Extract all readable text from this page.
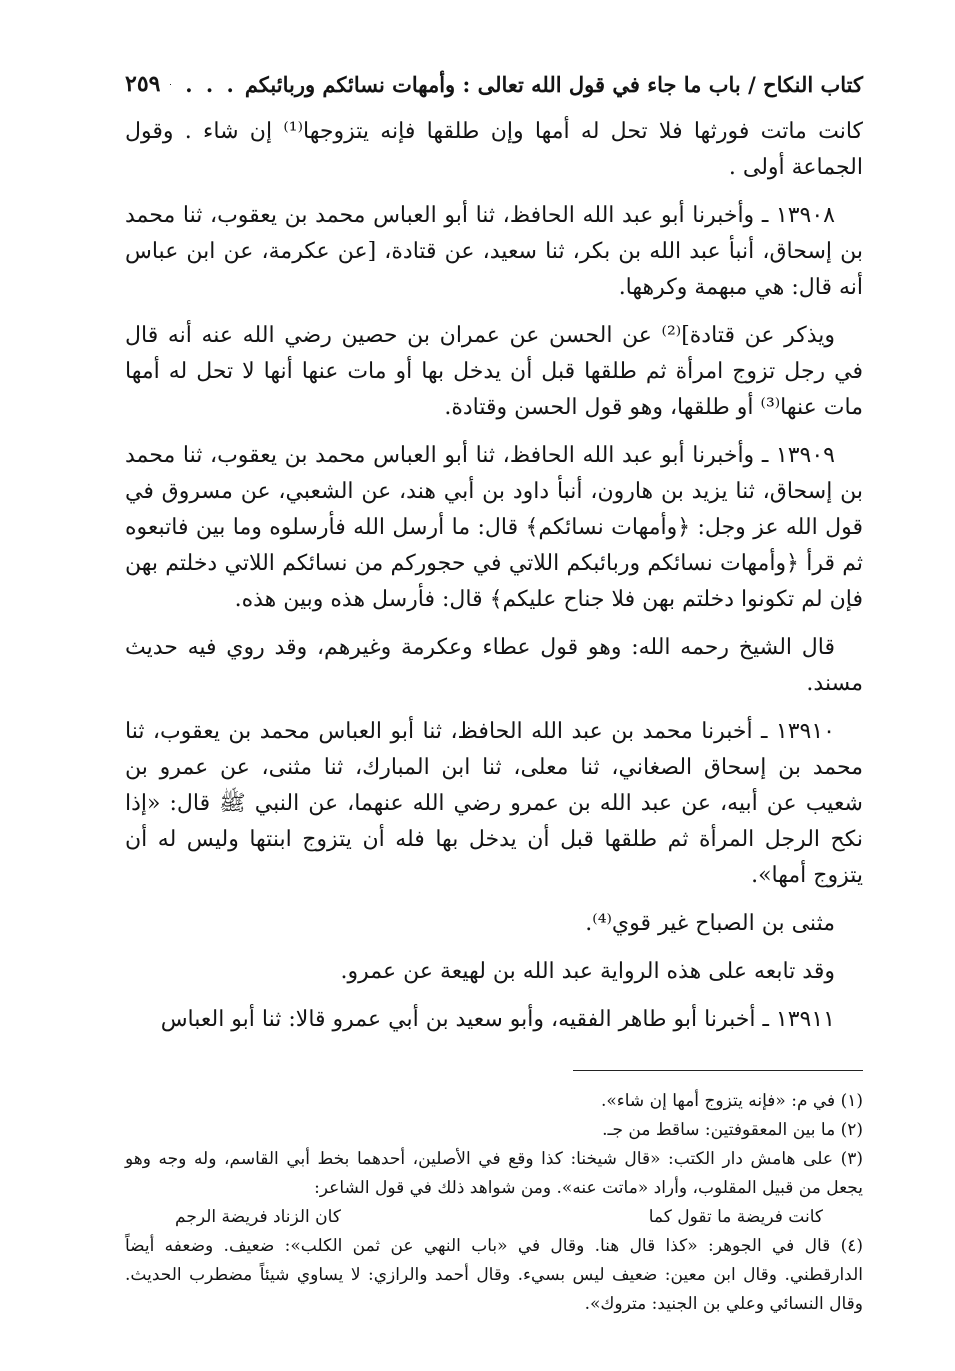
كتاب النكاح / باب ما جاء في قول الله تعالى : وأمهات نسائكم وربائبكم
. . .
٢٥٩

كانت ماتت فورثها فلا تحل له أمها وإن طلقها فإنه يتزوجها⁽¹⁾ إن شاء . وقول الجماعة أولى .

١٣٩٠٨ ـ وأخبرنا أبو عبد الله الحافظ، ثنا أبو العباس محمد بن يعقوب، ثنا محمد بن إسحاق، أنبأ عبد الله بن بكر، ثنا سعيد، عن قتادة، [عن عكرمة، عن ابن عباس أنه قال: هي مبهمة وكرهها.

ويذكر عن قتادة]⁽²⁾ عن الحسن عن عمران بن حصين رضي الله عنه أنه قال في رجل تزوج امرأة ثم طلقها قبل أن يدخل بها أو مات عنها أنها لا تحل له أمها مات عنها⁽³⁾ أو طلقها، وهو قول الحسن وقتادة.

١٣٩٠٩ ـ وأخبرنا أبو عبد الله الحافظ، ثنا أبو العباس محمد بن يعقوب، ثنا محمد بن إسحاق، ثنا يزيد بن هارون، أنبأ داود بن أبي هند، عن الشعبي، عن مسروق في قول الله عز وجل: ﴿وأمهات نسائكم﴾ قال: ما أرسل الله فأرسلوه وما بين فاتبعوه ثم قرأ ﴿وأمهات نسائكم وربائبكم اللاتي في حجوركم من نسائكم اللاتي دخلتم بهن فإن لم تكونوا دخلتم بهن فلا جناح عليكم﴾ قال: فأرسل هذه وبين هذه.

قال الشيخ رحمه الله: وهو قول عطاء وعكرمة وغيرهم، وقد روي فيه حديث مسند.

١٣٩١٠ ـ أخبرنا محمد بن عبد الله الحافظ، ثنا أبو العباس محمد بن يعقوب، ثنا محمد بن إسحاق الصغاني، ثنا معلى، ثنا ابن المبارك، ثنا مثنى، عن عمرو بن شعيب عن أبيه، عن عبد الله بن عمرو رضي الله عنهما، عن النبي ﷺ قال: «إذا نكح الرجل المرأة ثم طلقها قبل أن يدخل بها فله أن يتزوج ابنتها وليس له أن يتزوج أمها».

مثنى بن الصباح غير قوي⁽⁴⁾.

وقد تابعه على هذه الرواية عبد الله بن لهيعة عن عمرو.

١٣٩١١ ـ أخبرنا أبو طاهر الفقيه، وأبو سعيد بن أبي عمرو قالا: ثنا أبو العباس

(١) في م: «فإنه يتزوج أمها إن شاء».

(٢) ما بين المعقوفتين: ساقط من جـ.

(٣) على هامش دار الكتب: «قال شيخنا: كذا وقع في الأصلين، أحدهما بخط أبي القاسم، وله وجه وهو يجعل من قبيل المقلوب، وأراد «ماتت عنه». ومن شواهد ذلك في قول الشاعر:

كانت فريضة ما تقول كما
كان الزناد فريضة الرجم

(٤) قال في الجوهر: «كذا قال هنا. وقال في «باب النهي عن ثمن الكلب»: ضعيف. وضعفه أيضاً الدارقطني. وقال ابن معين: ضعيف ليس بسيء. وقال أحمد والرازي: لا يساوي شيئاً مضطرب الحديث. وقال النسائي وعلي بن الجنيد: متروك».
